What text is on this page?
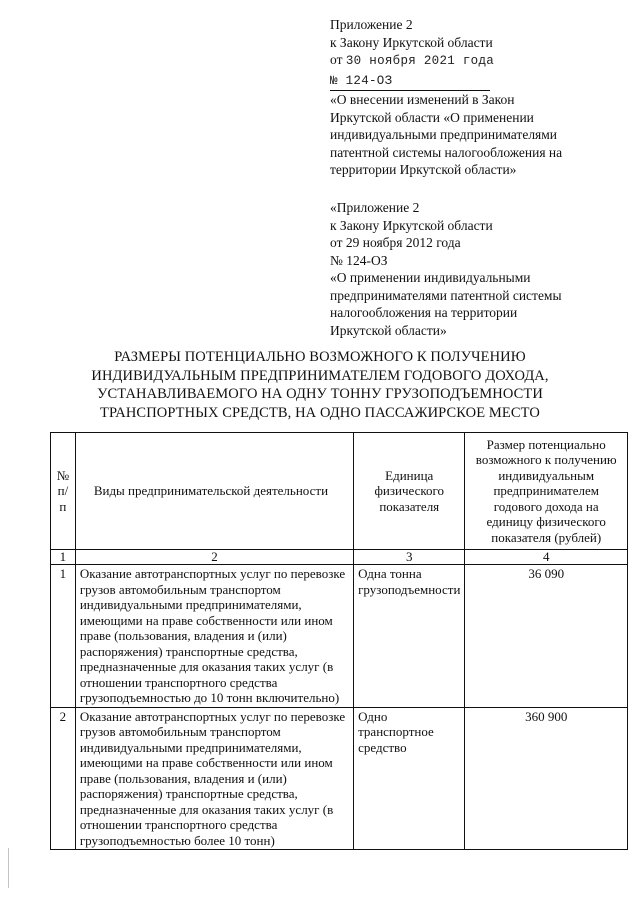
Приложение 2
к Закону Иркутской области
от 30 ноября 2021 года
№ 124-ОЗ
«О внесении изменений в Закон
Иркутской области «О применении
индивидуальными предпринимателями
патентной системы налогообложения на
территории Иркутской области»
«Приложение 2
к Закону Иркутской области
от 29 ноября 2012 года
№ 124-ОЗ
«О применении индивидуальными
предпринимателями патентной системы
налогообложения на территории
Иркутской области»
РАЗМЕРЫ ПОТЕНЦИАЛЬНО ВОЗМОЖНОГО К ПОЛУЧЕНИЮ
ИНДИВИДУАЛЬНЫМ ПРЕДПРИНИМАТЕЛЕМ ГОДОВОГО ДОХОДА,
УСТАНАВЛИВАЕМОГО НА ОДНУ ТОННУ ГРУЗОПОДЪЕМНОСТИ
ТРАНСПОРТНЫХ СРЕДСТВ, НА ОДНО ПАССАЖИРСКОЕ МЕСТО
№ п/п	Виды предпринимательской деятельности	Единица физического показателя	Размер потенциально возможного к получению индивидуальным предпринимателем годового дохода на единицу физического показателя (рублей)
1	2	3	4
1	Оказание автотранспортных услуг по перевозке грузов автомобильным транспортом индивидуальными предпринимателями, имеющими на праве собственности или ином праве (пользования, владения и (или) распоряжения) транспортные средства, предназначенные для оказания таких услуг (в отношении транспортного средства грузоподъемностью до 10 тонн включительно)	Одна тонна грузоподъемности	36 090
2	Оказание автотранспортных услуг по перевозке грузов автомобильным транспортом индивидуальными предпринимателями, имеющими на праве собственности или ином праве (пользования, владения и (или) распоряжения) транспортные средства, предназначенные для оказания таких услуг (в отношении транспортного средства грузоподъемностью более 10 тонн)	Одно транспортное средство	360 900
